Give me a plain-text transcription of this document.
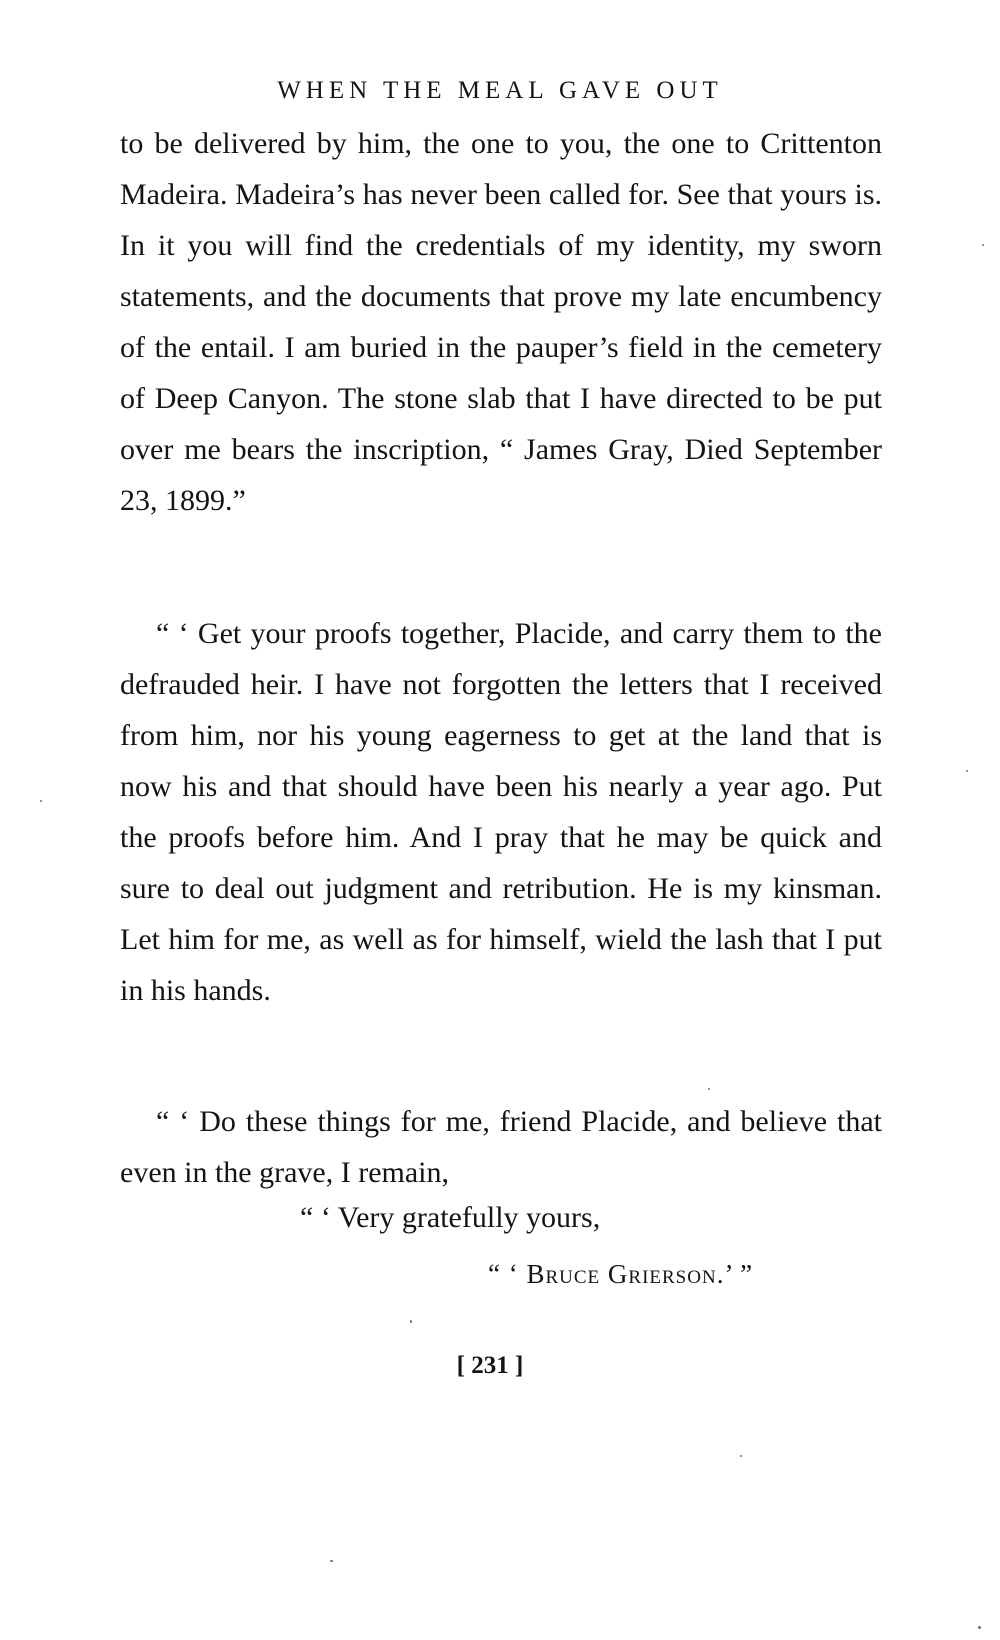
WHEN THE MEAL GAVE OUT

to be delivered by him, the one to you, the one to Crittenton Madeira. Madeira’s has never been called for. See that yours is. In it you will find the credentials of my identity, my sworn statements, and the documents that prove my late encumbency of the entail. I am buried in the pauper’s field in the cemetery of Deep Canyon. The stone slab that I have directed to be put over me bears the inscription, “ James Gray, Died September 23, 1899.”

“ ‘ Get your proofs together, Placide, and carry them to the defrauded heir. I have not forgotten the letters that I received from him, nor his young eagerness to get at the land that is now his and that should have been his nearly a year ago. Put the proofs before him. And I pray that he may be quick and sure to deal out judgment and retribution. He is my kinsman. Let him for me, as well as for himself, wield the lash that I put in his hands.

“ ‘ Do these things for me, friend Placide, and believe that even in the grave, I remain,

“ ‘ Very gratefully yours,
“ ‘ Bruce Grierson.’ ”
[ 231 ]
